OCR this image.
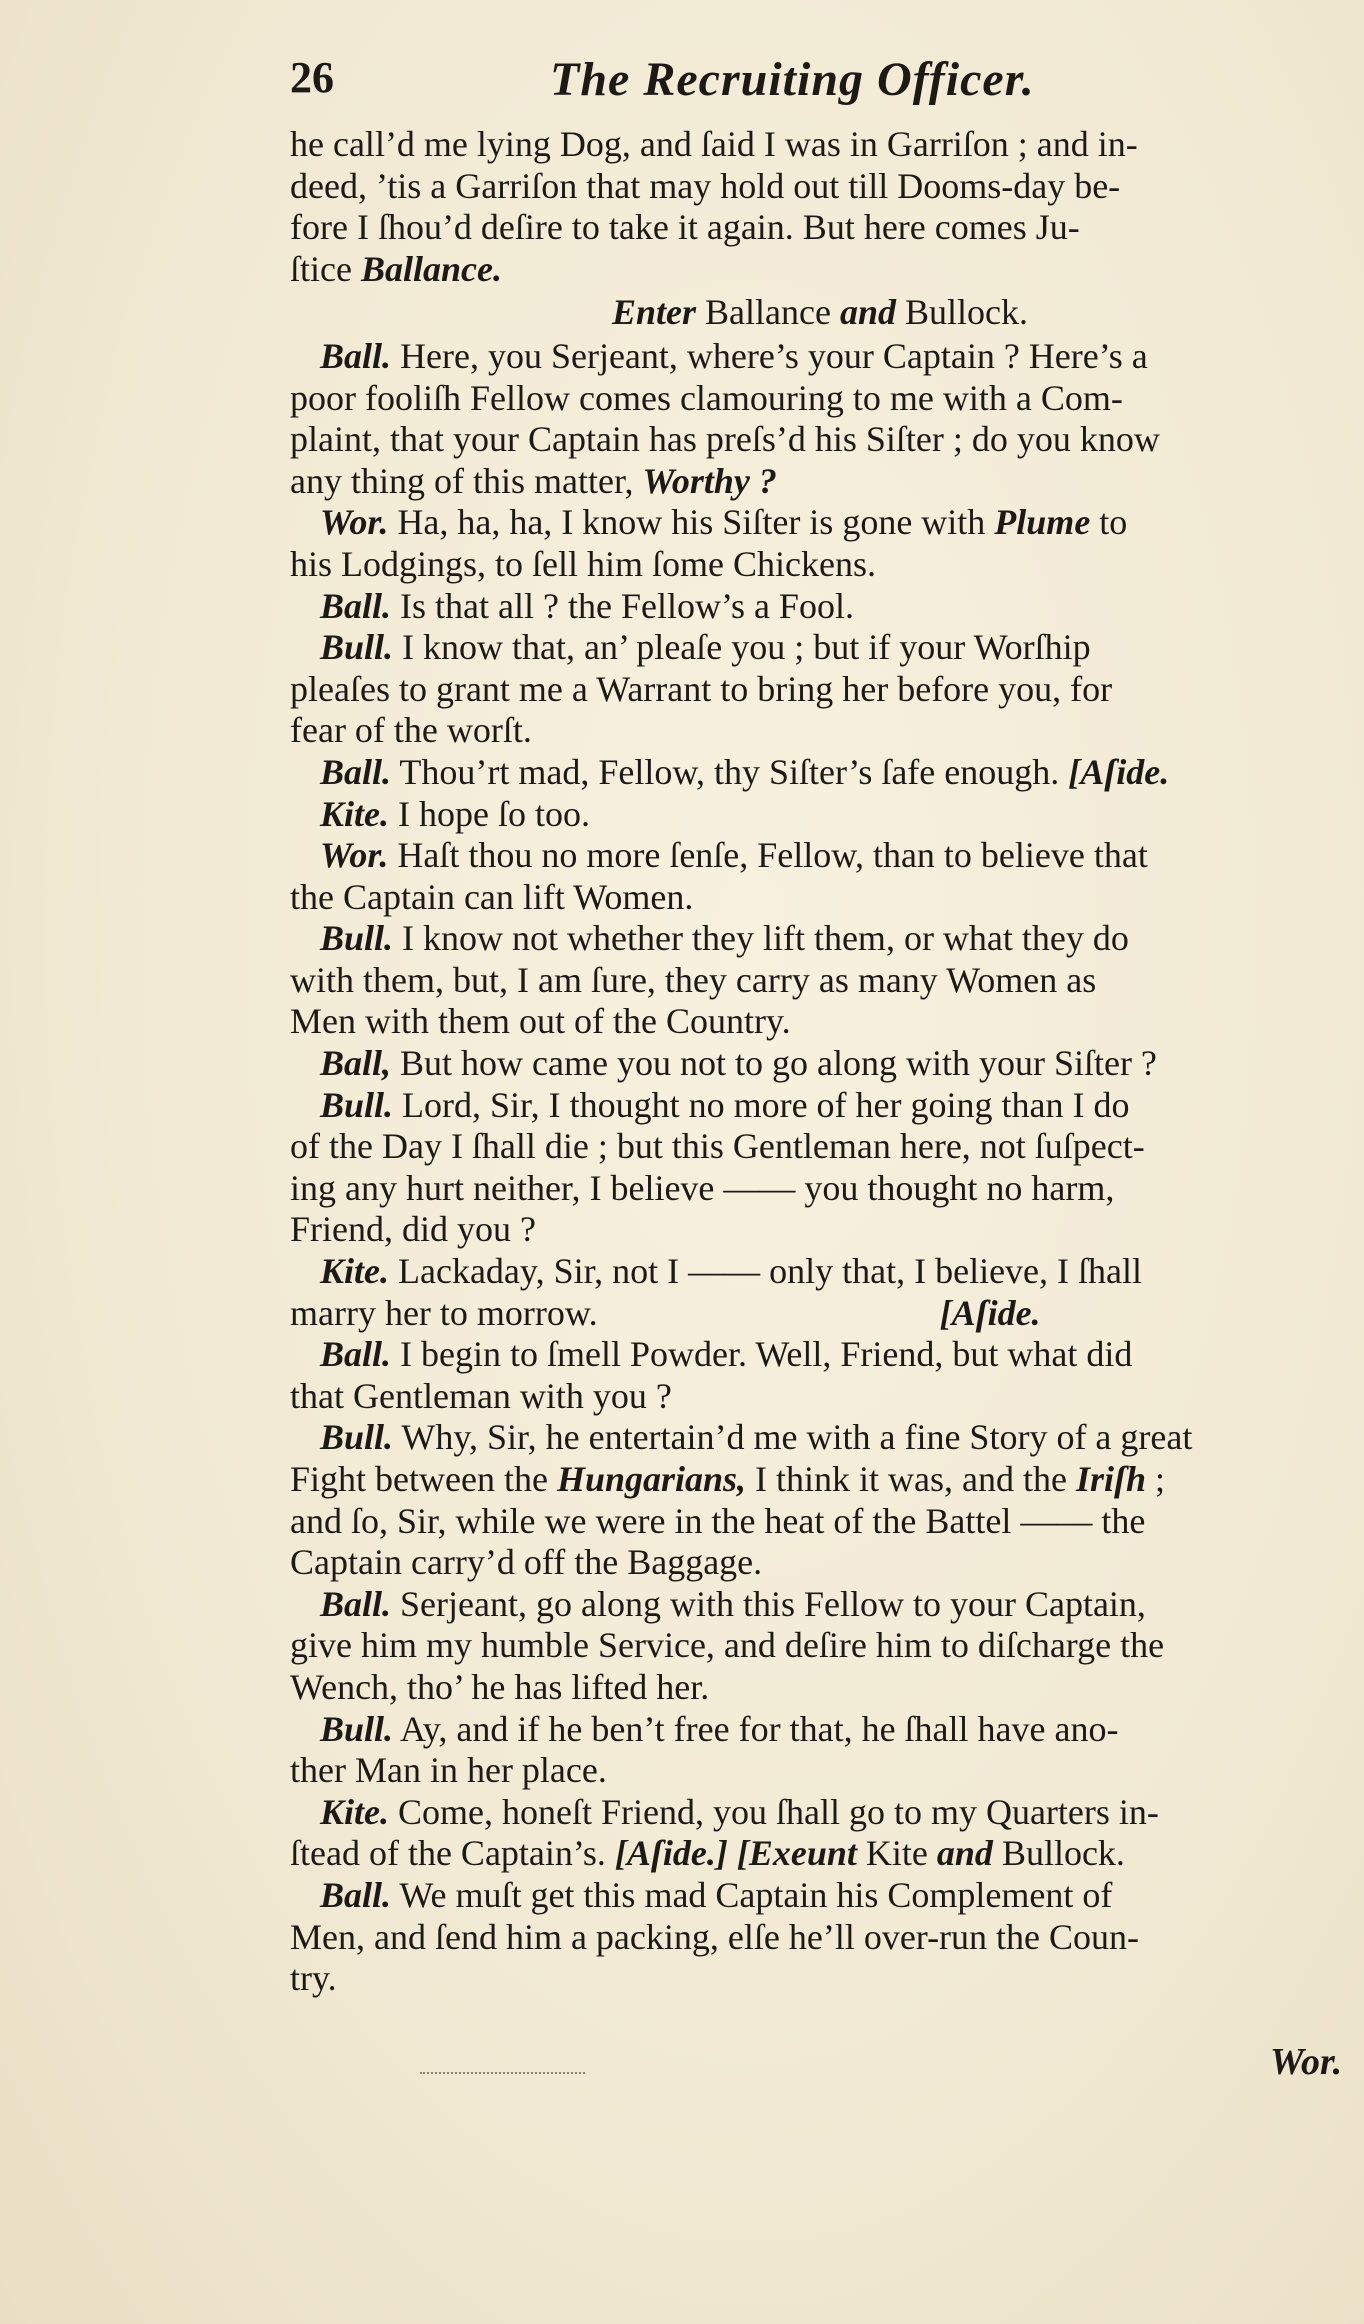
26	The Recruiting Officer.
he call’d me lying Dog, and ſaid I was in Garriſon ; and in-
deed, ’tis a Garriſon that may hold out till Dooms-day be-
fore I ſhou’d deſire to take it again. But here comes Ju-
ſtice Ballance.
Enter Ballance and Bullock.
Ball. Here, you Serjeant, where’s your Captain ? Here’s a
poor fooliſh Fellow comes clamouring to me with a Com-
plaint, that your Captain has preſs’d his Siſter ; do you know
any thing of this matter, Worthy ?
Wor. Ha, ha, ha, I know his Siſter is gone with Plume to
his Lodgings, to ſell him ſome Chickens.
Ball. Is that all ? the Fellow’s a Fool.
Bull. I know that, an’ pleaſe you ; but if your Worſhip
pleaſes to grant me a Warrant to bring her before you, for
fear of the worſt.
Ball. Thou’rt mad, Fellow, thy Siſter’s ſafe enough. [Aſide.
Kite. I hope ſo too.
Wor. Haſt thou no more ſenſe, Fellow, than to believe that
the Captain can lift Women.
Bull. I know not whether they lift them, or what they do
with them, but, I am ſure, they carry as many Women as
Men with them out of the Country.
Ball, But how came you not to go along with your Siſter ?
Bull. Lord, Sir, I thought no more of her going than I do
of the Day I ſhall die ; but this Gentleman here, not ſuſpect-
ing any hurt neither, I believe —— you thought no harm,
Friend, did you ?
Kite. Lackaday, Sir, not I —— only that, I believe, I ſhall
marry her to morrow.                                      [Aſide.
Ball. I begin to ſmell Powder. Well, Friend, but what did
that Gentleman with you ?
Bull. Why, Sir, he entertain’d me with a fine Story of a great
Fight between the Hungarians, I think it was, and the Iriſh ;
and ſo, Sir, while we were in the heat of the Battel —— the
Captain carry’d off the Baggage.
Ball. Serjeant, go along with this Fellow to your Captain,
give him my humble Service, and deſire him to diſcharge the
Wench, tho’ he has lifted her.
Bull. Ay, and if he ben’t free for that, he ſhall have ano-
ther Man in her place.
Kite. Come, honeſt Friend, you ſhall go to my Quarters in-
ſtead of the Captain’s. [Aſide.] [Exeunt Kite and Bullock.
Ball. We muſt get this mad Captain his Complement of
Men, and ſend him a packing, elſe he’ll over-run the Coun-
try.
Wor.
